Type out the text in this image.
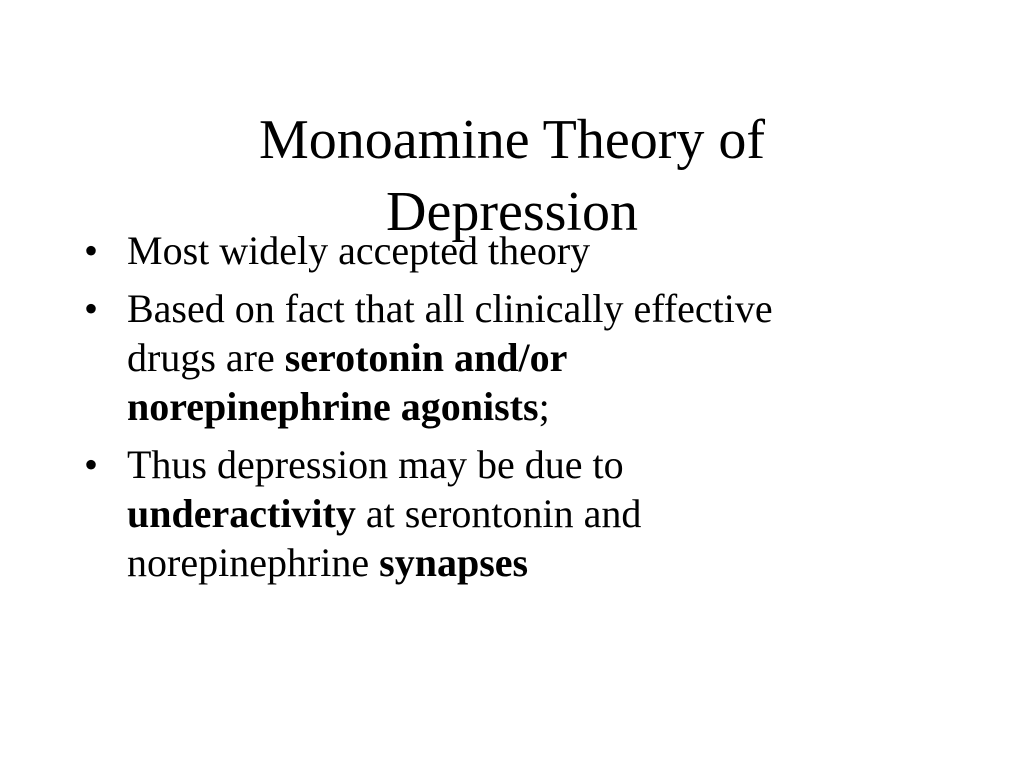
Monoamine Theory of
Depression
• Most widely accepted theory
• Based on fact that all clinically effective
drugs are serotonin and/or
norepinephrine agonists;
• Thus depression may be due to
underactivity at serontonin and
norepinephrine synapses
